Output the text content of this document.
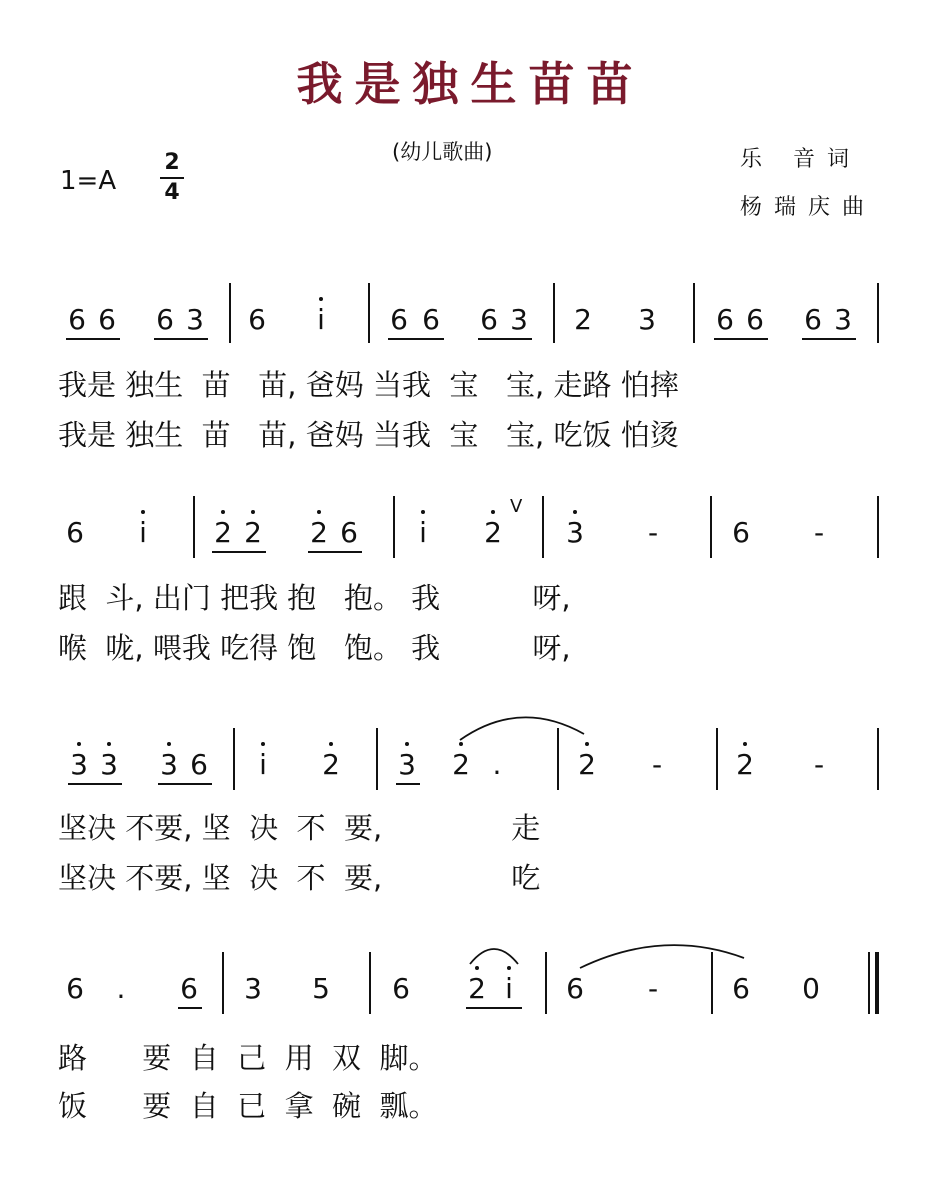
我是独生苗苗
(幼儿歌曲)	乐 音词
杨瑞庆曲
1=A
2
4
6 6 6 3 6	i	6 6 6 3 2 3 6 6 6 3
我是 独生  苗   苗, 爸妈 当我  宝   宝, 走路 怕摔
我是 独生  苗   苗, 爸妈 当我  宝   宝, 吃饭 怕烫
6	i	2 2 2 6	i	2
V
3 -	6 -
跟  斗, 出门 把我 抱   抱。 我          呀,
喉  咙, 喂我 吃得 饱   饱。 我          呀,
3 3 3 6	i	2 3 2 .	2 -	2 -
坚决 不要, 坚  决  不  要,              走
坚决 不要, 坚  决  不  要,              吃
6	.	6 3 5 6 2 i	6 -	6 0
路      要  自  己  用  双  脚。
饭      要  自  已  拿  碗  瓢。
